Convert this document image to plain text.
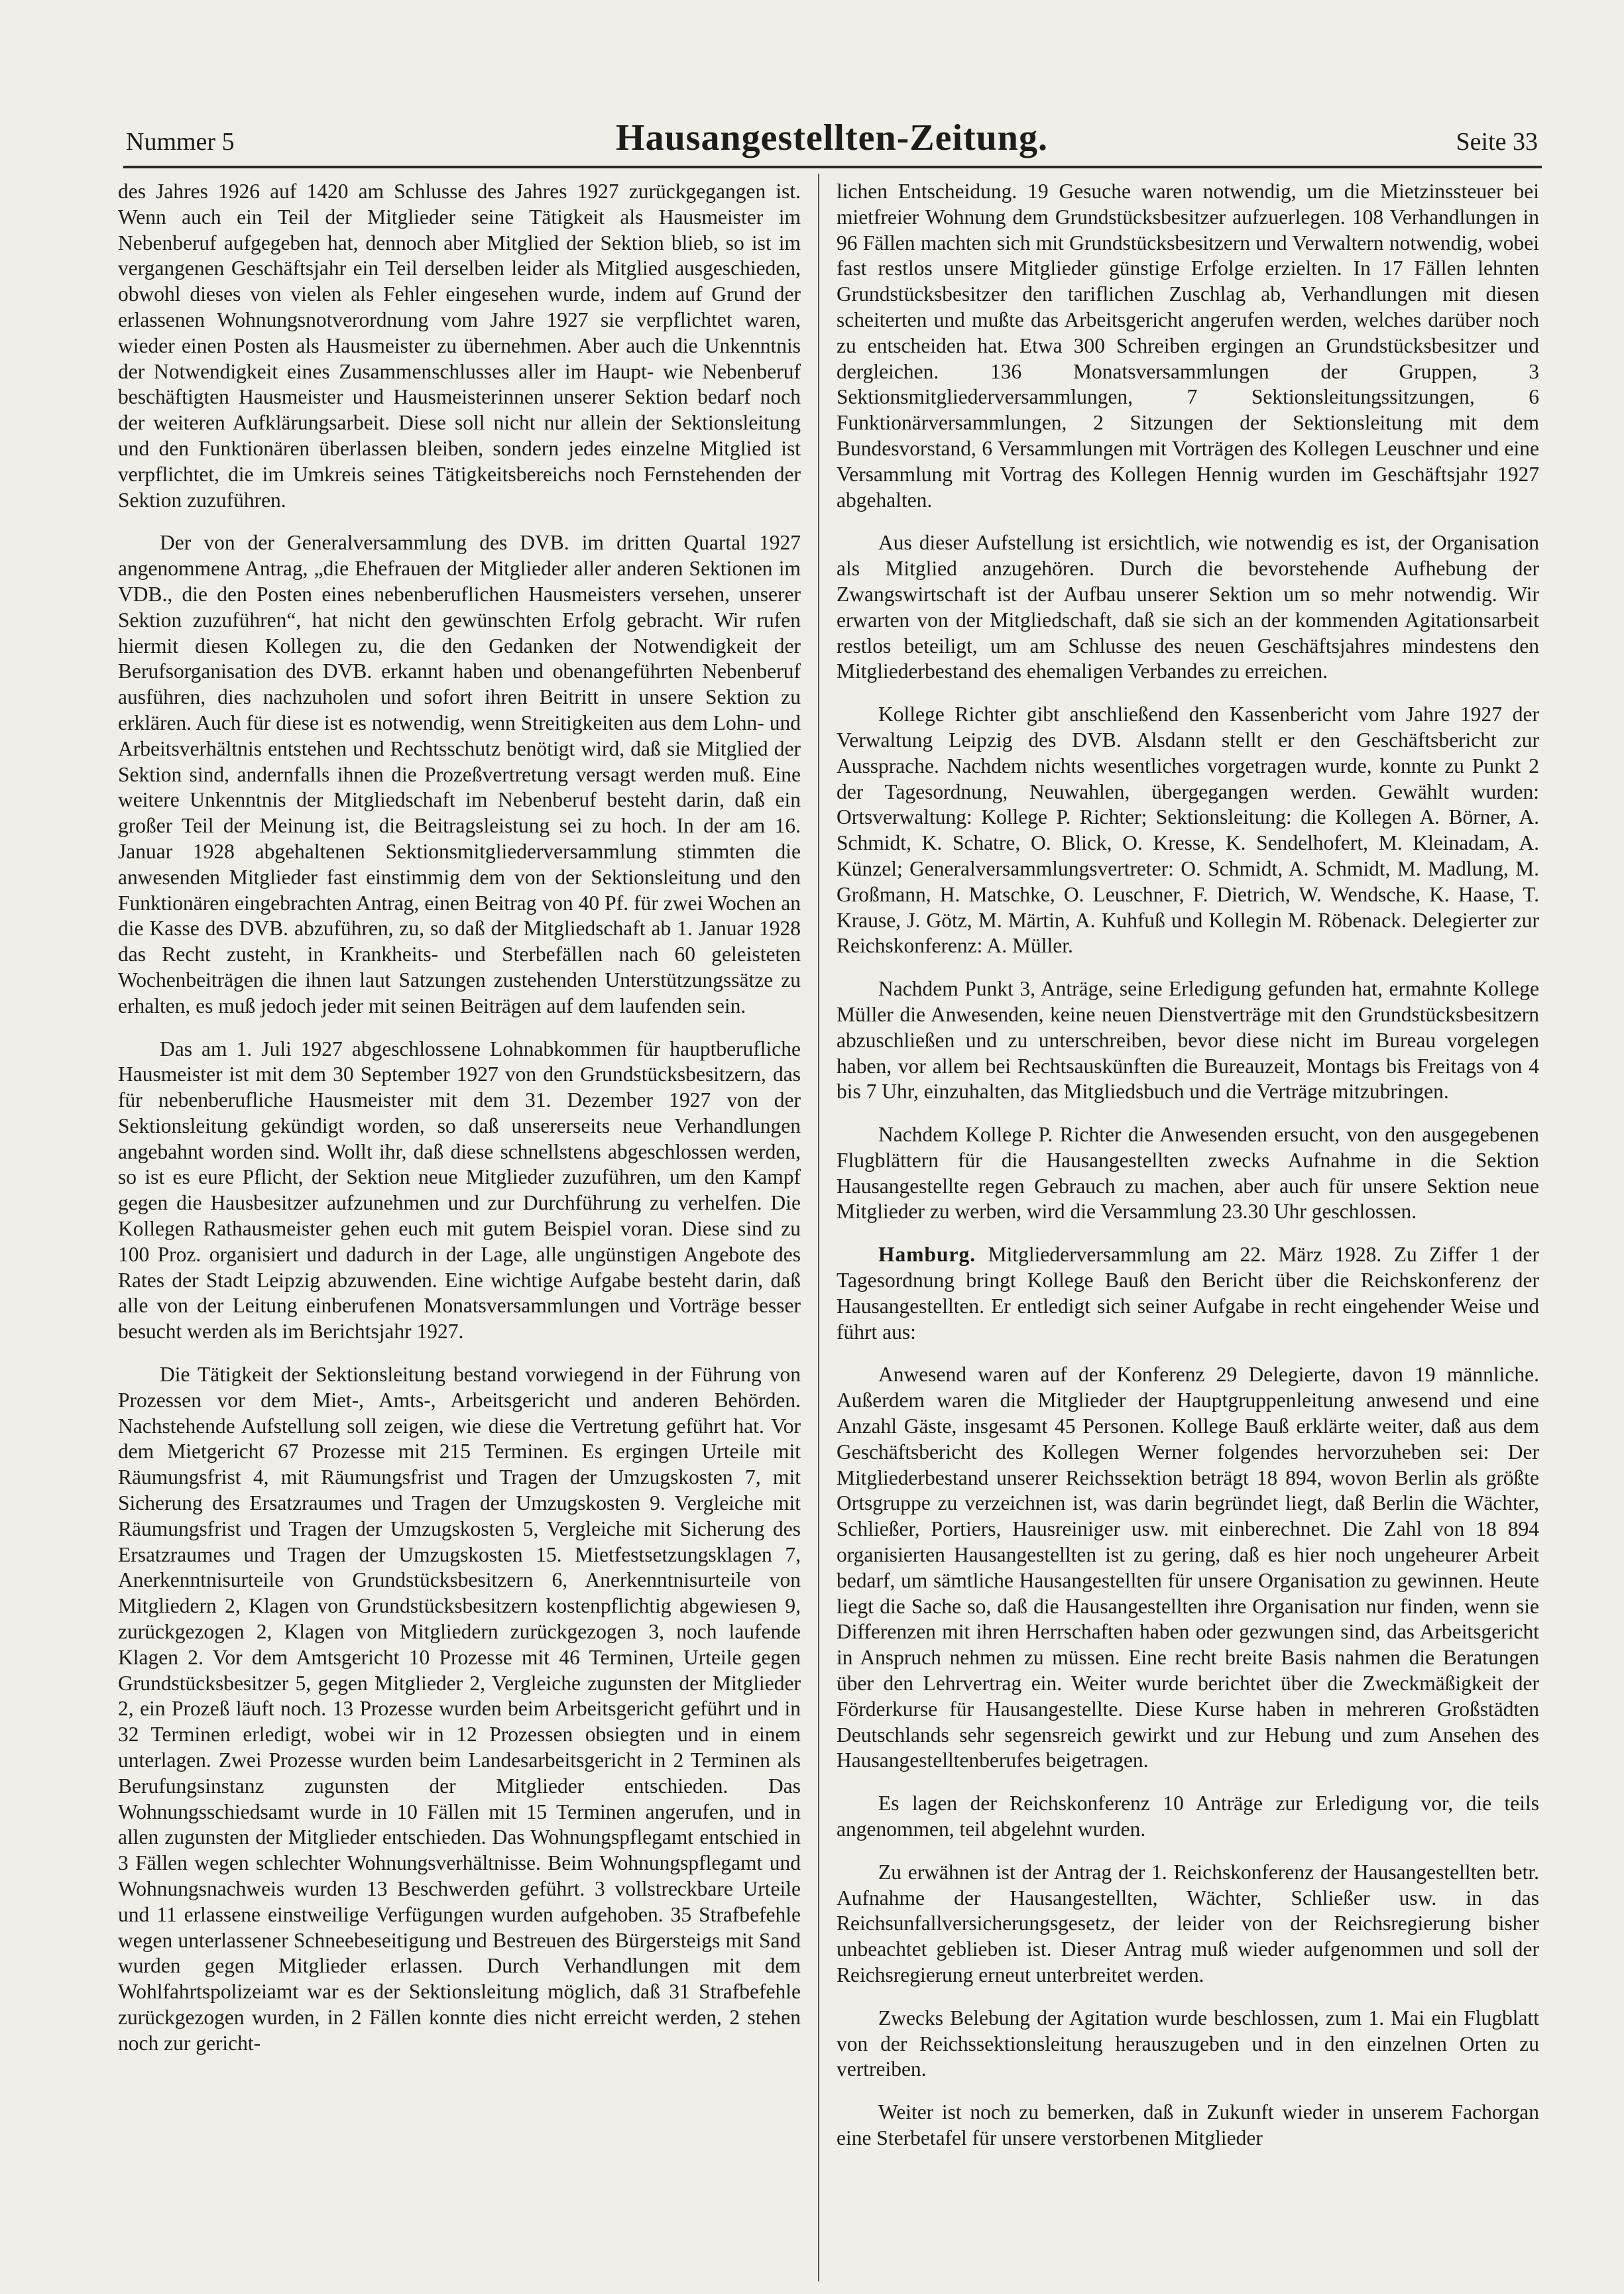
Nummer 5	Hausangestellten-Zeitung.	Seite 33

des Jahres 1926 auf 1420 am Schlusse des Jahres 1927 zurückgegangen ist. Wenn auch ein Teil der Mitglieder seine Tätigkeit als Hausmeister im Nebenberuf aufgegeben hat, dennoch aber Mitglied der Sektion blieb, so ist im vergangenen Geschäftsjahr ein Teil derselben leider als Mitglied ausgeschieden, obwohl dieses von vielen als Fehler eingesehen wurde, indem auf Grund der erlassenen Wohnungsnotverordnung vom Jahre 1927 sie verpflichtet waren, wieder einen Posten als Hausmeister zu übernehmen. Aber auch die Unkenntnis der Notwendigkeit eines Zusammenschlusses aller im Haupt- wie Nebenberuf beschäftigten Hausmeister und Hausmeisterinnen unserer Sektion bedarf noch der weiteren Aufklärungsarbeit. Diese soll nicht nur allein der Sektionsleitung und den Funktionären überlassen bleiben, sondern jedes einzelne Mitglied ist verpflichtet, die im Umkreis seines Tätigkeitsbereichs noch Fernstehenden der Sektion zuzuführen.

Der von der Generalversammlung des DVB. im dritten Quartal 1927 angenommene Antrag, „die Ehefrauen der Mitglieder aller anderen Sektionen im VDB., die den Posten eines nebenberuflichen Hausmeisters versehen, unserer Sektion zuzuführen“, hat nicht den gewünschten Erfolg gebracht. Wir rufen hiermit diesen Kollegen zu, die den Gedanken der Notwendigkeit der Berufsorganisation des DVB. erkannt haben und obenangeführten Nebenberuf ausführen, dies nachzuholen und sofort ihren Beitritt in unsere Sektion zu erklären. Auch für diese ist es notwendig, wenn Streitigkeiten aus dem Lohn- und Arbeitsverhältnis entstehen und Rechtsschutz benötigt wird, daß sie Mitglied der Sektion sind, andernfalls ihnen die Prozeßvertretung versagt werden muß. Eine weitere Unkenntnis der Mitgliedschaft im Nebenberuf besteht darin, daß ein großer Teil der Meinung ist, die Beitragsleistung sei zu hoch. In der am 16. Januar 1928 abgehaltenen Sektionsmitgliederversammlung stimmten die anwesenden Mitglieder fast einstimmig dem von der Sektionsleitung und den Funktionären eingebrachten Antrag, einen Beitrag von 40 Pf. für zwei Wochen an die Kasse des DVB. abzuführen, zu, so daß der Mitgliedschaft ab 1. Januar 1928 das Recht zusteht, in Krankheits- und Sterbefällen nach 60 geleisteten Wochenbeiträgen die ihnen laut Satzungen zustehenden Unterstützungssätze zu erhalten, es muß jedoch jeder mit seinen Beiträgen auf dem laufenden sein.

Das am 1. Juli 1927 abgeschlossene Lohnabkommen für hauptberufliche Hausmeister ist mit dem 30 September 1927 von den Grundstücksbesitzern, das für nebenberufliche Hausmeister mit dem 31. Dezember 1927 von der Sektionsleitung gekündigt worden, so daß unsererseits neue Verhandlungen angebahnt worden sind. Wollt ihr, daß diese schnellstens abgeschlossen werden, so ist es eure Pflicht, der Sektion neue Mitglieder zuzuführen, um den Kampf gegen die Hausbesitzer aufzunehmen und zur Durchführung zu verhelfen. Die Kollegen Rathausmeister gehen euch mit gutem Beispiel voran. Diese sind zu 100 Proz. organisiert und dadurch in der Lage, alle ungünstigen Angebote des Rates der Stadt Leipzig abzuwenden. Eine wichtige Aufgabe besteht darin, daß alle von der Leitung einberufenen Monatsversammlungen und Vorträge besser besucht werden als im Berichtsjahr 1927.

Die Tätigkeit der Sektionsleitung bestand vorwiegend in der Führung von Prozessen vor dem Miet-, Amts-, Arbeitsgericht und anderen Behörden. Nachstehende Aufstellung soll zeigen, wie diese die Vertretung geführt hat. Vor dem Mietgericht 67 Prozesse mit 215 Terminen. Es ergingen Urteile mit Räumungsfrist 4, mit Räumungsfrist und Tragen der Umzugskosten 7, mit Sicherung des Ersatzraumes und Tragen der Umzugskosten 9. Vergleiche mit Räumungsfrist und Tragen der Umzugskosten 5, Vergleiche mit Sicherung des Ersatzraumes und Tragen der Umzugskosten 15. Mietfestsetzungsklagen 7, Anerkenntnisurteile von Grundstücksbesitzern 6, Anerkenntnisurteile von Mitgliedern 2, Klagen von Grundstücksbesitzern kostenpflichtig abgewiesen 9, zurückgezogen 2, Klagen von Mitgliedern zurückgezogen 3, noch laufende Klagen 2. Vor dem Amtsgericht 10 Prozesse mit 46 Terminen, Urteile gegen Grundstücksbesitzer 5, gegen Mitglieder 2, Vergleiche zugunsten der Mitglieder 2, ein Prozeß läuft noch. 13 Prozesse wurden beim Arbeitsgericht geführt und in 32 Terminen erledigt, wobei wir in 12 Prozessen obsiegten und in einem unterlagen. Zwei Prozesse wurden beim Landesarbeitsgericht in 2 Terminen als Berufungsinstanz zugunsten der Mitglieder entschieden. Das Wohnungsschiedsamt wurde in 10 Fällen mit 15 Terminen angerufen, und in allen zugunsten der Mitglieder entschieden. Das Wohnungspflegamt entschied in 3 Fällen wegen schlechter Wohnungsverhältnisse. Beim Wohnungspflegamt und Wohnungsnachweis wurden 13 Beschwerden geführt. 3 vollstreckbare Urteile und 11 erlassene einstweilige Verfügungen wurden aufgehoben. 35 Strafbefehle wegen unterlassener Schneebeseitigung und Bestreuen des Bürgersteigs mit Sand wurden gegen Mitglieder erlassen. Durch Verhandlungen mit dem Wohlfahrtspolizeiamt war es der Sektionsleitung möglich, daß 31 Strafbefehle zurückgezogen wurden, in 2 Fällen konnte dies nicht erreicht werden, 2 stehen noch zur gericht-

lichen Entscheidung. 19 Gesuche waren notwendig, um die Mietzinssteuer bei mietfreier Wohnung dem Grundstücksbesitzer aufzuerlegen. 108 Verhandlungen in 96 Fällen machten sich mit Grundstücksbesitzern und Verwaltern notwendig, wobei fast restlos unsere Mitglieder günstige Erfolge erzielten. In 17 Fällen lehnten Grundstücksbesitzer den tariflichen Zuschlag ab, Verhandlungen mit diesen scheiterten und mußte das Arbeitsgericht angerufen werden, welches darüber noch zu entscheiden hat. Etwa 300 Schreiben ergingen an Grundstücksbesitzer und dergleichen. 136 Monatsversammlungen der Gruppen, 3 Sektionsmitgliederversammlungen, 7 Sektionsleitungssitzungen, 6 Funktionärversammlungen, 2 Sitzungen der Sektionsleitung mit dem Bundesvorstand, 6 Versammlungen mit Vorträgen des Kollegen Leuschner und eine Versammlung mit Vortrag des Kollegen Hennig wurden im Geschäftsjahr 1927 abgehalten.

Aus dieser Aufstellung ist ersichtlich, wie notwendig es ist, der Organisation als Mitglied anzugehören. Durch die bevorstehende Aufhebung der Zwangswirtschaft ist der Aufbau unserer Sektion um so mehr notwendig. Wir erwarten von der Mitgliedschaft, daß sie sich an der kommenden Agitationsarbeit restlos beteiligt, um am Schlusse des neuen Geschäftsjahres mindestens den Mitgliederbestand des ehemaligen Verbandes zu erreichen.

Kollege Richter gibt anschließend den Kassenbericht vom Jahre 1927 der Verwaltung Leipzig des DVB. Alsdann stellt er den Geschäftsbericht zur Aussprache. Nachdem nichts wesentliches vorgetragen wurde, konnte zu Punkt 2 der Tagesordnung, Neuwahlen, übergegangen werden. Gewählt wurden: Ortsverwaltung: Kollege P. Richter; Sektionsleitung: die Kollegen A. Börner, A. Schmidt, K. Schatre, O. Blick, O. Kresse, K. Sendelhofert, M. Kleinadam, A. Künzel; Generalversammlungsvertreter: O. Schmidt, A. Schmidt, M. Madlung, M. Großmann, H. Matschke, O. Leuschner, F. Dietrich, W. Wendsche, K. Haase, T. Krause, J. Götz, M. Märtin, A. Kuhfuß und Kollegin M. Röbenack. Delegierter zur Reichskonferenz: A. Müller.

Nachdem Punkt 3, Anträge, seine Erledigung gefunden hat, ermahnte Kollege Müller die Anwesenden, keine neuen Dienstverträge mit den Grundstücksbesitzern abzuschließen und zu unterschreiben, bevor diese nicht im Bureau vorgelegen haben, vor allem bei Rechtsauskünften die Bureauzeit, Montags bis Freitags von 4 bis 7 Uhr, einzuhalten, das Mitgliedsbuch und die Verträge mitzubringen.

Nachdem Kollege P. Richter die Anwesenden ersucht, von den ausgegebenen Flugblättern für die Hausangestellten zwecks Aufnahme in die Sektion Hausangestellte regen Gebrauch zu machen, aber auch für unsere Sektion neue Mitglieder zu werben, wird die Versammlung 23.30 Uhr geschlossen.

Hamburg. Mitgliederversammlung am 22. März 1928. Zu Ziffer 1 der Tagesordnung bringt Kollege Bauß den Bericht über die Reichskonferenz der Hausangestellten. Er entledigt sich seiner Aufgabe in recht eingehender Weise und führt aus:

Anwesend waren auf der Konferenz 29 Delegierte, davon 19 männliche. Außerdem waren die Mitglieder der Hauptgruppenleitung anwesend und eine Anzahl Gäste, insgesamt 45 Personen. Kollege Bauß erklärte weiter, daß aus dem Geschäftsbericht des Kollegen Werner folgendes hervorzuheben sei: Der Mitgliederbestand unserer Reichssektion beträgt 18 894, wovon Berlin als größte Ortsgruppe zu verzeichnen ist, was darin begründet liegt, daß Berlin die Wächter, Schließer, Portiers, Hausreiniger usw. mit einberechnet. Die Zahl von 18 894 organisierten Hausangestellten ist zu gering, daß es hier noch ungeheurer Arbeit bedarf, um sämtliche Hausangestellten für unsere Organisation zu gewinnen. Heute liegt die Sache so, daß die Hausangestellten ihre Organisation nur finden, wenn sie Differenzen mit ihren Herrschaften haben oder gezwungen sind, das Arbeitsgericht in Anspruch nehmen zu müssen. Eine recht breite Basis nahmen die Beratungen über den Lehrvertrag ein. Weiter wurde berichtet über die Zweckmäßigkeit der Förderkurse für Hausangestellte. Diese Kurse haben in mehreren Großstädten Deutschlands sehr segensreich gewirkt und zur Hebung und zum Ansehen des Hausangestelltenberufes beigetragen.

Es lagen der Reichskonferenz 10 Anträge zur Erledigung vor, die teils angenommen, teil abgelehnt wurden.

Zu erwähnen ist der Antrag der 1. Reichskonferenz der Hausangestellten betr. Aufnahme der Hausangestellten, Wächter, Schließer usw. in das Reichsunfallversicherungsgesetz, der leider von der Reichsregierung bisher unbeachtet geblieben ist. Dieser Antrag muß wieder aufgenommen und soll der Reichsregierung erneut unterbreitet werden.

Zwecks Belebung der Agitation wurde beschlossen, zum 1. Mai ein Flugblatt von der Reichssektionsleitung herauszugeben und in den einzelnen Orten zu vertreiben.

Weiter ist noch zu bemerken, daß in Zukunft wieder in unserem Fachorgan eine Sterbetafel für unsere verstorbenen Mitglieder
